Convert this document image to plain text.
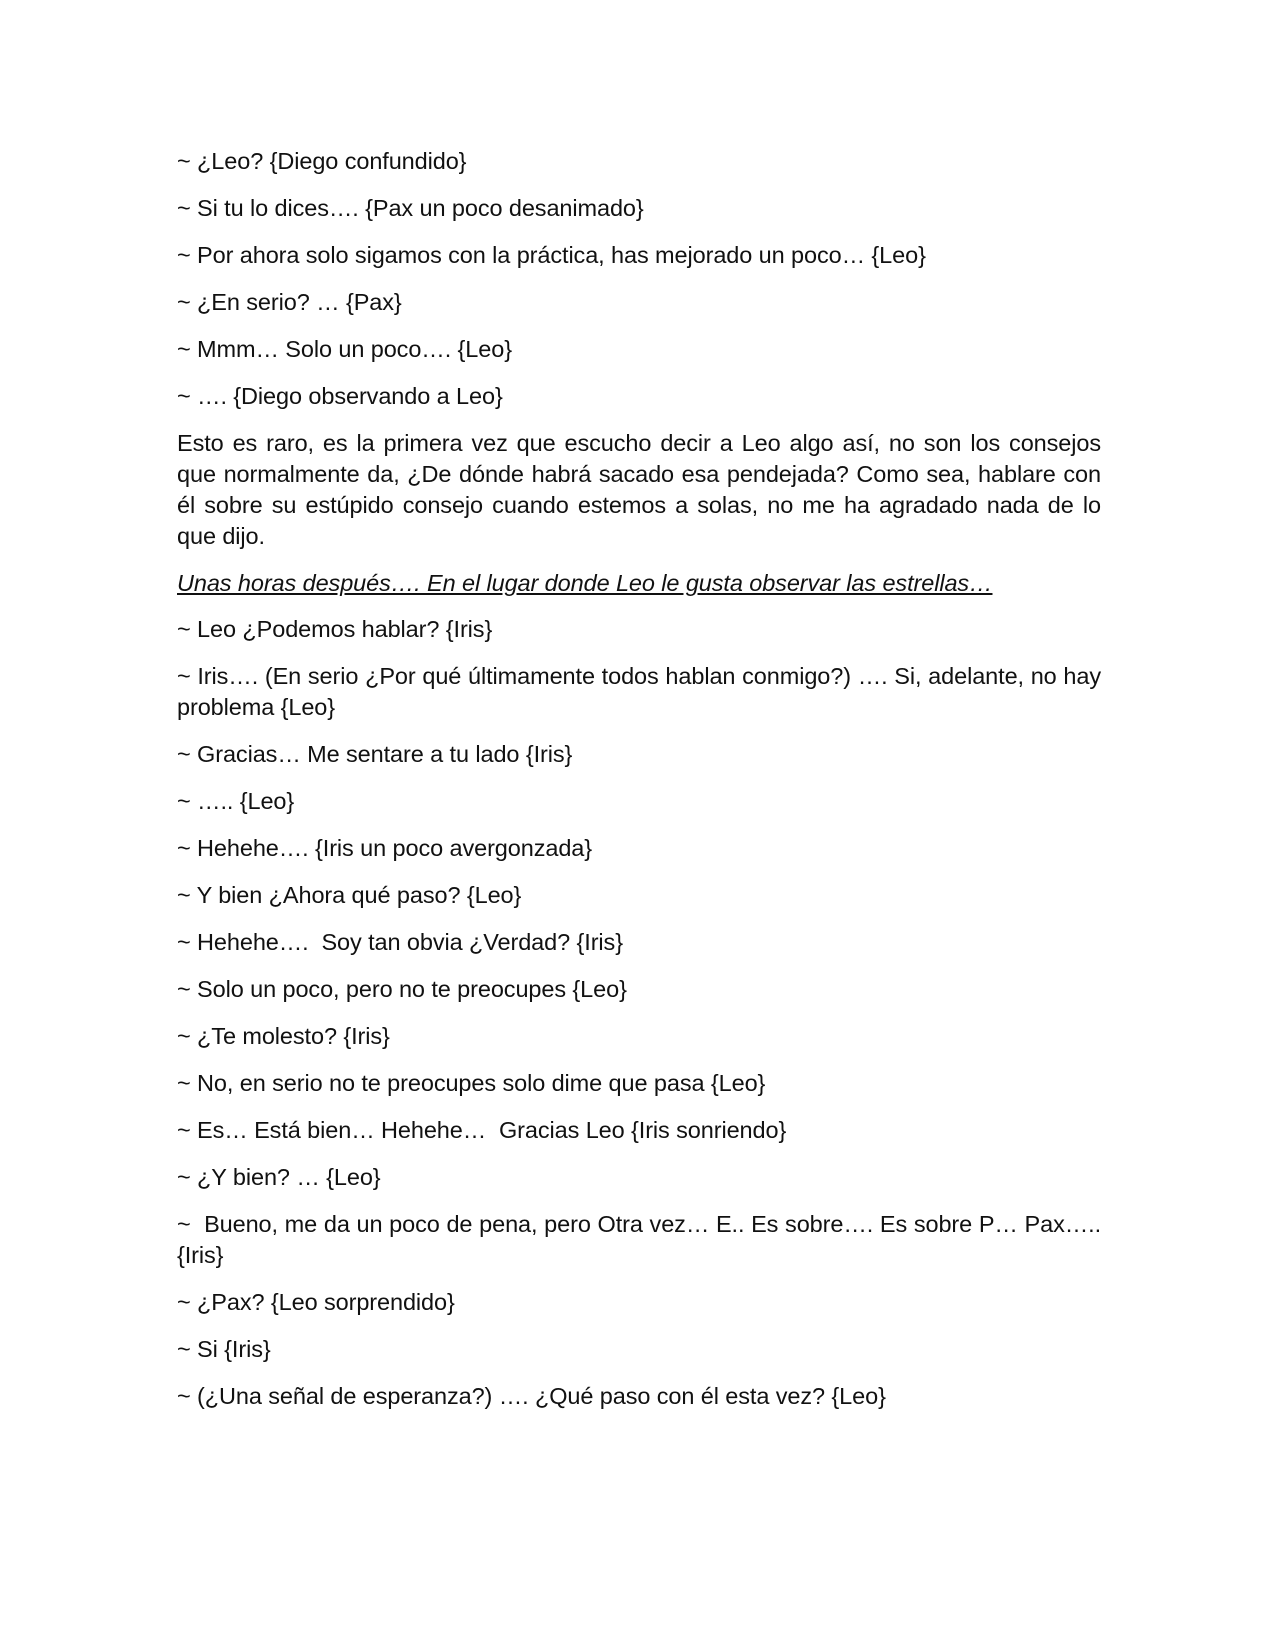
~ ¿Leo? {Diego confundido}
~ Si tu lo dices…. {Pax un poco desanimado}
~ Por ahora solo sigamos con la práctica, has mejorado un poco… {Leo}
~ ¿En serio? … {Pax}
~ Mmm… Solo un poco…. {Leo}
~ …. {Diego observando a Leo}
Esto es raro, es la primera vez que escucho decir a Leo algo así, no son los consejos que normalmente da, ¿De dónde habrá sacado esa pendejada? Como sea, hablare con él sobre su estúpido consejo cuando estemos a solas, no me ha agradado nada de lo que dijo.
Unas horas después…. En el lugar donde Leo le gusta observar las estrellas…
~ Leo ¿Podemos hablar? {Iris}
~ Iris…. (En serio ¿Por qué últimamente todos hablan conmigo?) …. Si, adelante, no hay problema {Leo}
~ Gracias… Me sentare a tu lado {Iris}
~ ….. {Leo}
~ Hehehe…. {Iris un poco avergonzada}
~ Y bien ¿Ahora qué paso? {Leo}
~ Hehehe….  Soy tan obvia ¿Verdad? {Iris}
~ Solo un poco, pero no te preocupes {Leo}
~ ¿Te molesto? {Iris}
~ No, en serio no te preocupes solo dime que pasa {Leo}
~ Es… Está bien… Hehehe…  Gracias Leo {Iris sonriendo}
~ ¿Y bien? … {Leo}
~  Bueno, me da un poco de pena, pero Otra vez… E.. Es sobre…. Es sobre P… Pax….. {Iris}
~ ¿Pax? {Leo sorprendido}
~ Si {Iris}
~ (¿Una señal de esperanza?) …. ¿Qué paso con él esta vez? {Leo}
